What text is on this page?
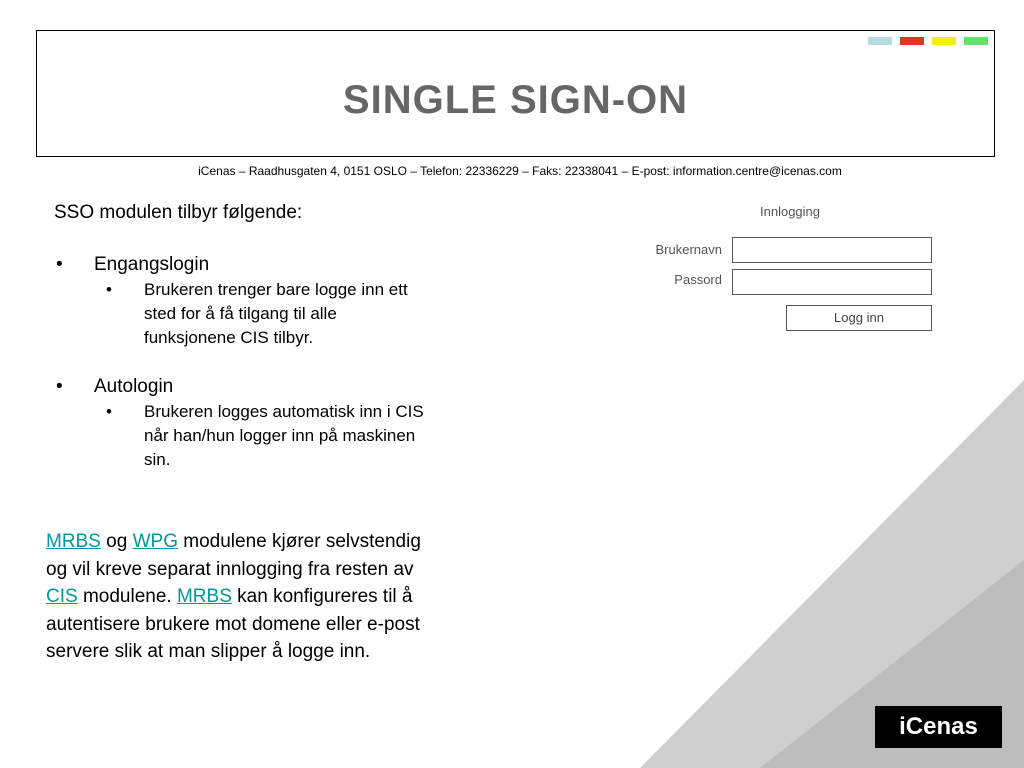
SINGLE SIGN-ON
iCenas – Raadhusgaten 4, 0151 OSLO – Telefon: 22336229 – Faks: 22338041 – E-post: information.centre@icenas.com

SSO modulen tilbyr følgende:

• Engangslogin
• Brukeren trenger bare logge inn ett sted for å få tilgang til alle funksjonene CIS tilbyr.
• Autologin
• Brukeren logges automatisk inn i CIS når han/hun logger inn på maskinen sin.
MRBS og WPG modulene kjører selvstendig og vil kreve separat innlogging fra resten av CIS modulene. MRBS kan konfigureres til å autentisere brukere mot domene eller e-post servere slik at man slipper å logge inn.
Innlogging
Brukernavn
Passord
Logg inn
iCenas
